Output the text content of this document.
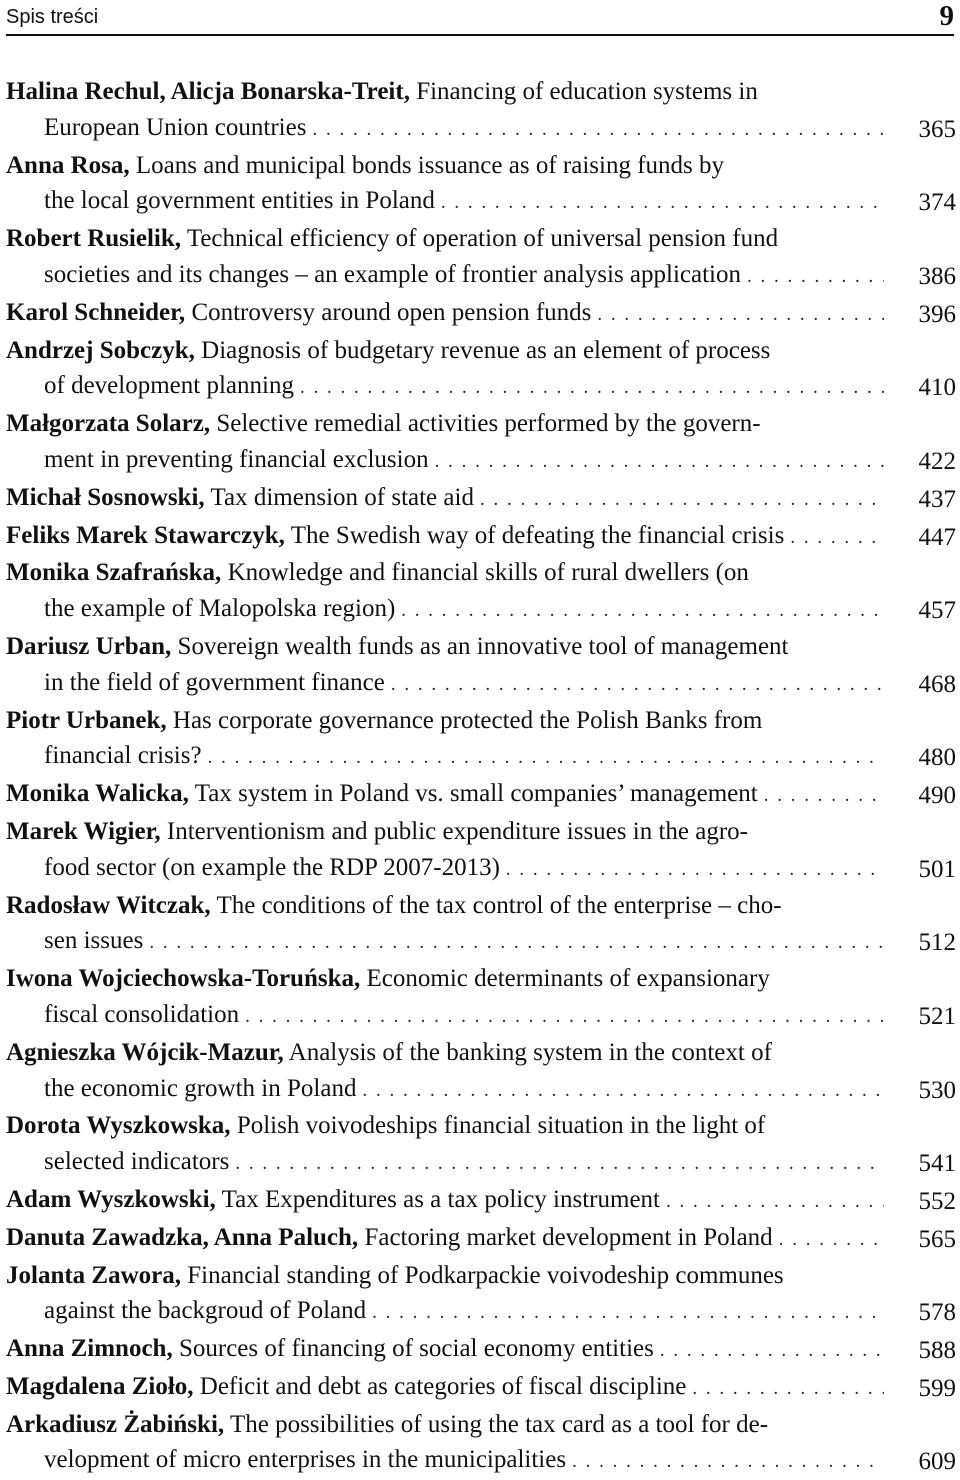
Spis treści	9
Halina Rechul, Alicja Bonarska-Treit, Financing of education systems in
European Union countries . . .	365
Anna Rosa, Loans and municipal bonds issuance as of raising funds by
the local government entities in Poland . . .	374
Robert Rusielik, Technical efficiency of operation of universal pension fund
societies and its changes – an example of frontier analysis application . . .	386
Karol Schneider, Controversy around open pension funds . . .	396
Andrzej Sobczyk, Diagnosis of budgetary revenue as an element of process
of development planning . . .	410
Małgorzata Solarz, Selective remedial activities performed by the govern-
ment in preventing financial exclusion . . .	422
Michał Sosnowski, Tax dimension of state aid . . .	437
Feliks Marek Stawarczyk, The Swedish way of defeating the financial crisis . . .	447
Monika Szafrańska, Knowledge and financial skills of rural dwellers (on
the example of Malopolska region) . . .	457
Dariusz Urban, Sovereign wealth funds as an innovative tool of management
in the field of government finance . . .	468
Piotr Urbanek, Has corporate governance protected the Polish Banks from
financial crisis? . . .	480
Monika Walicka, Tax system in Poland vs. small companies’ management . . .	490
Marek Wigier, Interventionism and public expenditure issues in the agro-
food sector (on example the RDP 2007-2013) . . .	501
Radosław Witczak, The conditions of the tax control of the enterprise – cho-
sen issues . . .	512
Iwona Wojciechowska-Toruńska, Economic determinants of expansionary
fiscal consolidation . . .	521
Agnieszka Wójcik-Mazur, Analysis of the banking system in the context of
the economic growth in Poland . . .	530
Dorota Wyszkowska, Polish voivodeships financial situation in the light of
selected indicators . . .	541
Adam Wyszkowski, Tax Expenditures as a tax policy instrument . . .	552
Danuta Zawadzka, Anna Paluch, Factoring market development in Poland . . .	565
Jolanta Zawora, Financial standing of Podkarpackie voivodeship communes
against the backgroud of Poland . . .	578
Anna Zimnoch, Sources of financing of social economy entities . . .	588
Magdalena Zioło, Deficit and debt as categories of fiscal discipline . . .	599
Arkadiusz Żabiński, The possibilities of using the tax card as a tool for de-
velopment of micro enterprises in the municipalities . . .	609
